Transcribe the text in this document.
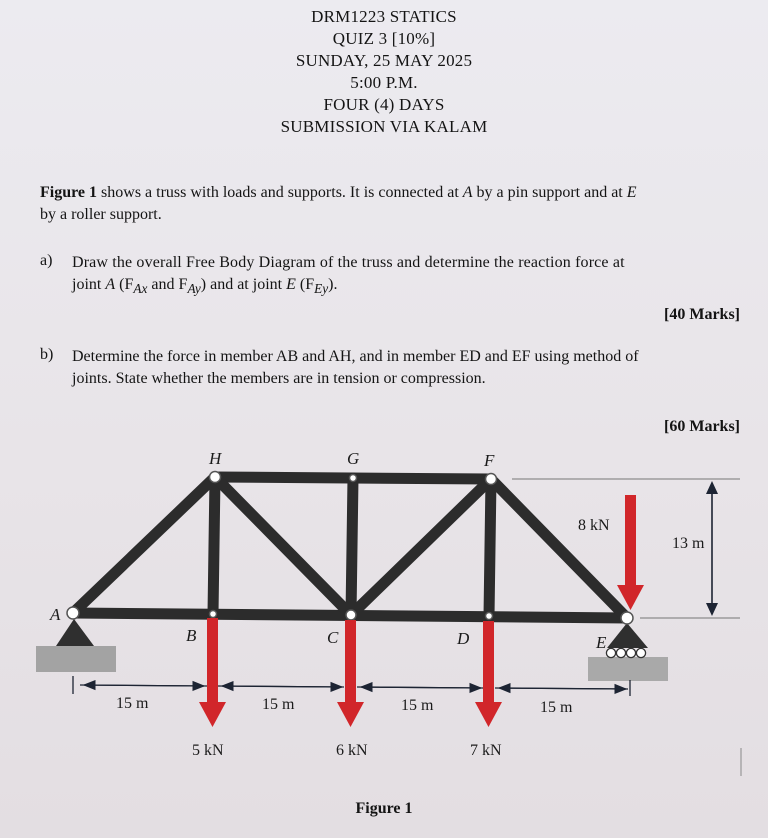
DRM1223 STATICS
QUIZ 3 [10%]
SUNDAY, 25 MAY 2025
5:00 P.M.
FOUR (4) DAYS
SUBMISSION VIA KALAM
Figure 1 shows a truss with loads and supports. It is connected at A by a pin support and at E
by a roller support.
a) Draw the overall Free Body Diagram of the truss and determine the reaction force at
joint A ($F_{Ax}$ and $F_{Ay}$) and at joint E $(F_{Ey})$.
[40 Marks]
b) Determine the force in member AB and AH, and in member ED and EF using method of
joints. State whether the members are in tension or compression.
[60 Marks]
13 m
H	G	F
A
B	C	D	E
5 kN	6 kN	7 kN
8 kN
15 m	15 m	15 m	15 m
Figure 1
